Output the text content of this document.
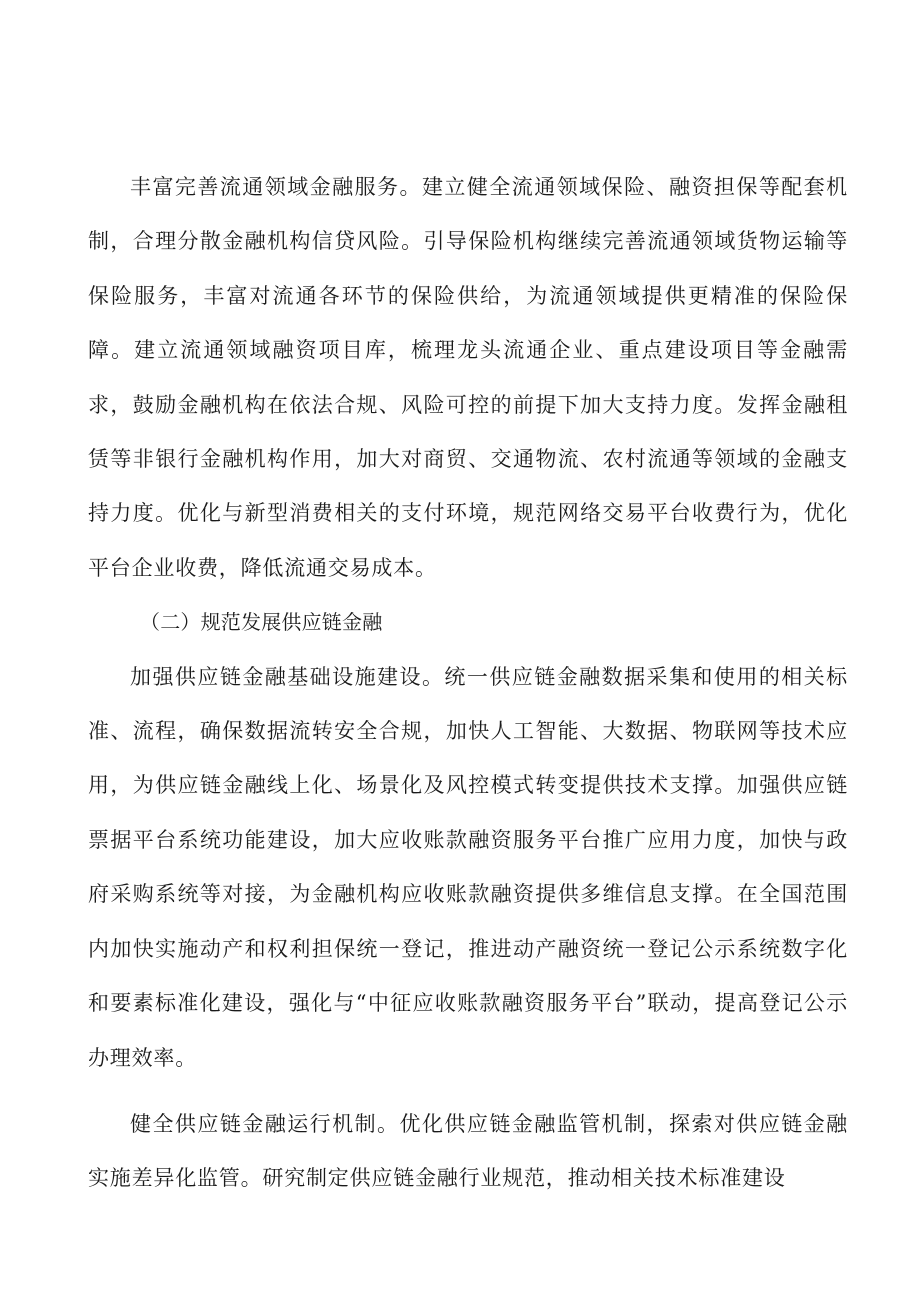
丰富完善流通领域金融服务。建立健全流通领域保险、融资担保等配套机制，合理分散金融机构信贷风险。引导保险机构继续完善流通领域货物运输等保险服务，丰富对流通各环节的保险供给，为流通领域提供更精准的保险保障。建立流通领域融资项目库，梳理龙头流通企业、重点建设项目等金融需求，鼓励金融机构在依法合规、风险可控的前提下加大支持力度。发挥金融租赁等非银行金融机构作用，加大对商贸、交通物流、农村流通等领域的金融支持力度。优化与新型消费相关的支付环境，规范网络交易平台收费行为，优化平台企业收费，降低流通交易成本。

（二）规范发展供应链金融

加强供应链金融基础设施建设。统一供应链金融数据采集和使用的相关标准、流程，确保数据流转安全合规，加快人工智能、大数据、物联网等技术应用，为供应链金融线上化、场景化及风控模式转变提供技术支撑。加强供应链票据平台系统功能建设，加大应收账款融资服务平台推广应用力度，加快与政府采购系统等对接，为金融机构应收账款融资提供多维信息支撑。在全国范围内加快实施动产和权利担保统一登记，推进动产融资统一登记公示系统数字化和要素标准化建设，强化与“中征应收账款融资服务平台”联动，提高登记公示办理效率。

健全供应链金融运行机制。优化供应链金融监管机制，探索对供应链金融实施差异化监管。研究制定供应链金融行业规范，推动相关技术标准建设
